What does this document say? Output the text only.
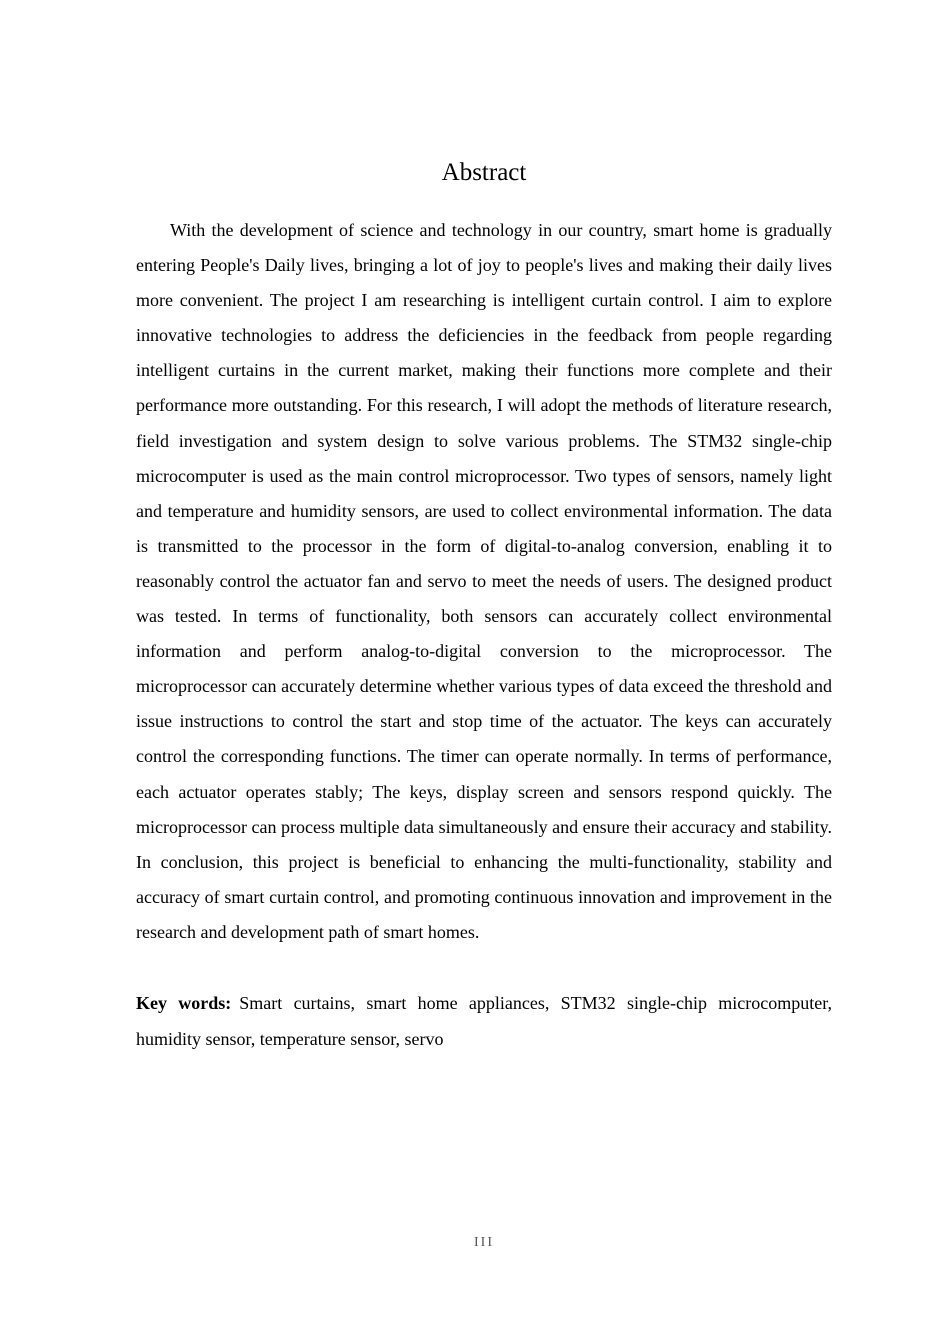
Abstract

With the development of science and technology in our country, smart home is gradually entering People's Daily lives, bringing a lot of joy to people's lives and making their daily lives more convenient. The project I am researching is intelligent curtain control. I aim to explore innovative technologies to address the deficiencies in the feedback from people regarding intelligent curtains in the current market, making their functions more complete and their performance more outstanding. For this research, I will adopt the methods of literature research, field investigation and system design to solve various problems. The STM32 single-chip microcomputer is used as the main control microprocessor. Two types of sensors, namely light and temperature and humidity sensors, are used to collect environmental information. The data is transmitted to the processor in the form of digital-to-analog conversion, enabling it to reasonably control the actuator fan and servo to meet the needs of users. The designed product was tested. In terms of functionality, both sensors can accurately collect environmental information and perform analog-to-digital conversion to the microprocessor. The microprocessor can accurately determine whether various types of data exceed the threshold and issue instructions to control the start and stop time of the actuator. The keys can accurately control the corresponding functions. The timer can operate normally. In terms of performance, each actuator operates stably; The keys, display screen and sensors respond quickly. The microprocessor can process multiple data simultaneously and ensure their accuracy and stability. In conclusion, this project is beneficial to enhancing the multi-functionality, stability and accuracy of smart curtain control, and promoting continuous innovation and improvement in the research and development path of smart homes.

Key words: Smart curtains, smart home appliances, STM32 single-chip microcomputer, humidity sensor, temperature sensor, servo

III
